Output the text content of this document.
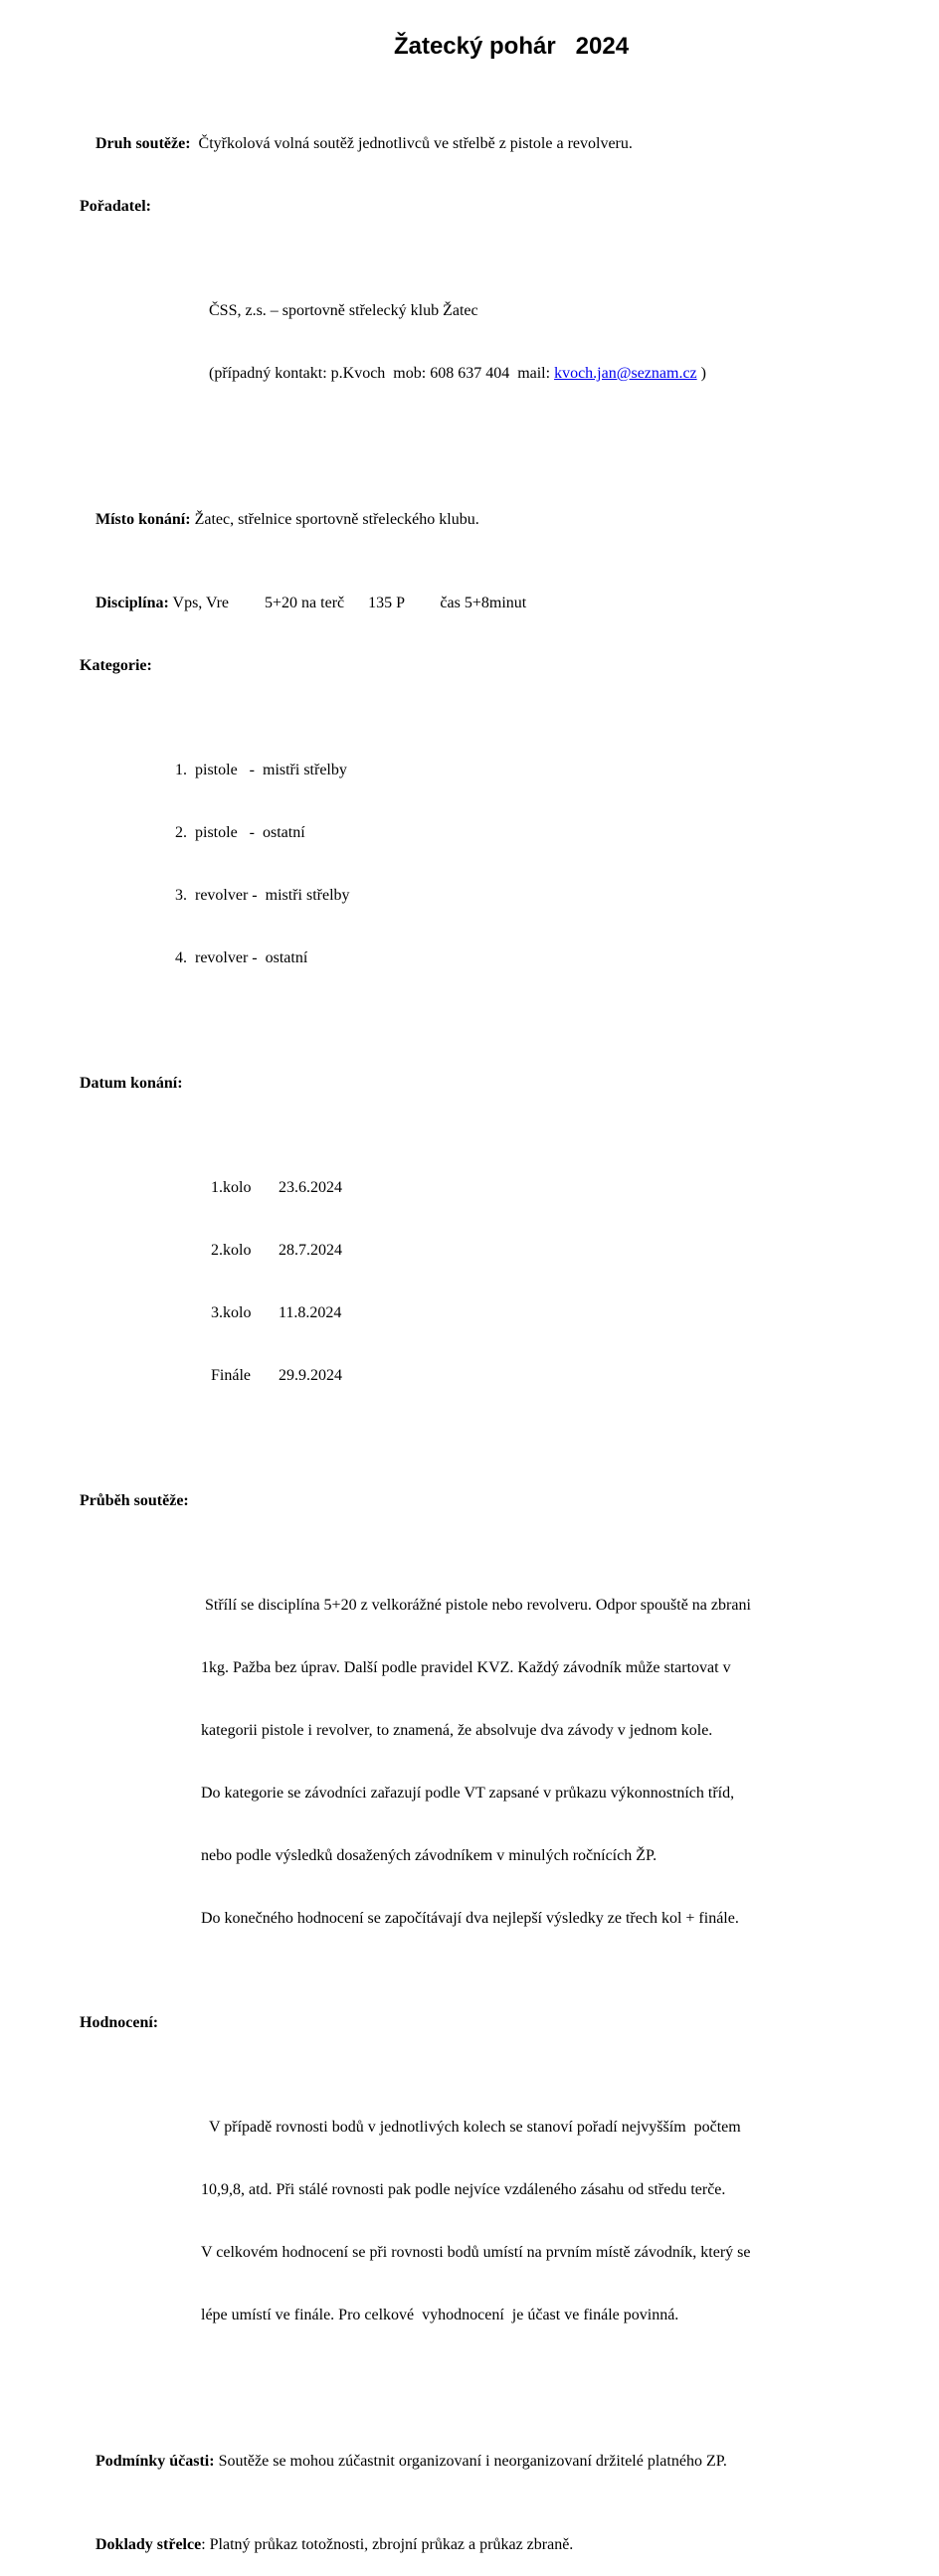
Žatecký pohár   2024

Druh soutěže:  Čtyřkolová volná soutěž jednotlivců ve střelbě z pistole a revolveru.

Pořadatel:

ČSS, z.s. – sportovně střelecký klub Žatec

(případný kontakt: p.Kvoch  mob: 608 637 404  mail: kvoch.jan@seznam.cz )

Místo konání: Žatec, střelnice sportovně střeleckého klubu.

Disciplína: Vps, Vre         5+20 na terč      135 P         čas 5+8minut

Kategorie:

1.  pistole   -  mistři střelby

2.  pistole   -  ostatní

3.  revolver -  mistři střelby

4.  revolver -  ostatní

Datum konání:

1.kolo 23.6.2024

2.kolo 28.7.2024

3.kolo 11.8.2024

Finále 29.9.2024

Průběh soutěže:

Střílí se disciplína 5+20 z velkorážné pistole nebo revolveru. Odpor spouště na zbrani

1kg. Pažba bez úprav. Další podle pravidel KVZ. Každý závodník může startovat v

kategorii pistole i revolver, to znamená, že absolvuje dva závody v jednom kole.

Do kategorie se závodníci zařazují podle VT zapsané v průkazu výkonnostních tříd,

nebo podle výsledků dosažených závodníkem v minulých ročnících ŽP.

Do konečného hodnocení se započítávají dva nejlepší výsledky ze třech kol + finále.

Hodnocení:

V případě rovnosti bodů v jednotlivých kolech se stanoví pořadí nejvyšším  počtem

10,9,8, atd. Při stálé rovnosti pak podle nejvíce vzdáleného zásahu od středu terče.

V celkovém hodnocení se při rovnosti bodů umístí na prvním místě závodník, který se

lépe umístí ve finále. Pro celkové  vyhodnocení  je účast ve finále povinná.

Podmínky účasti: Soutěže se mohou zúčastnit organizovaní i neorganizovaní držitelé platného ZP.

Doklady střelce: Platný průkaz totožnosti, zbrojní průkaz a průkaz zbraně.
